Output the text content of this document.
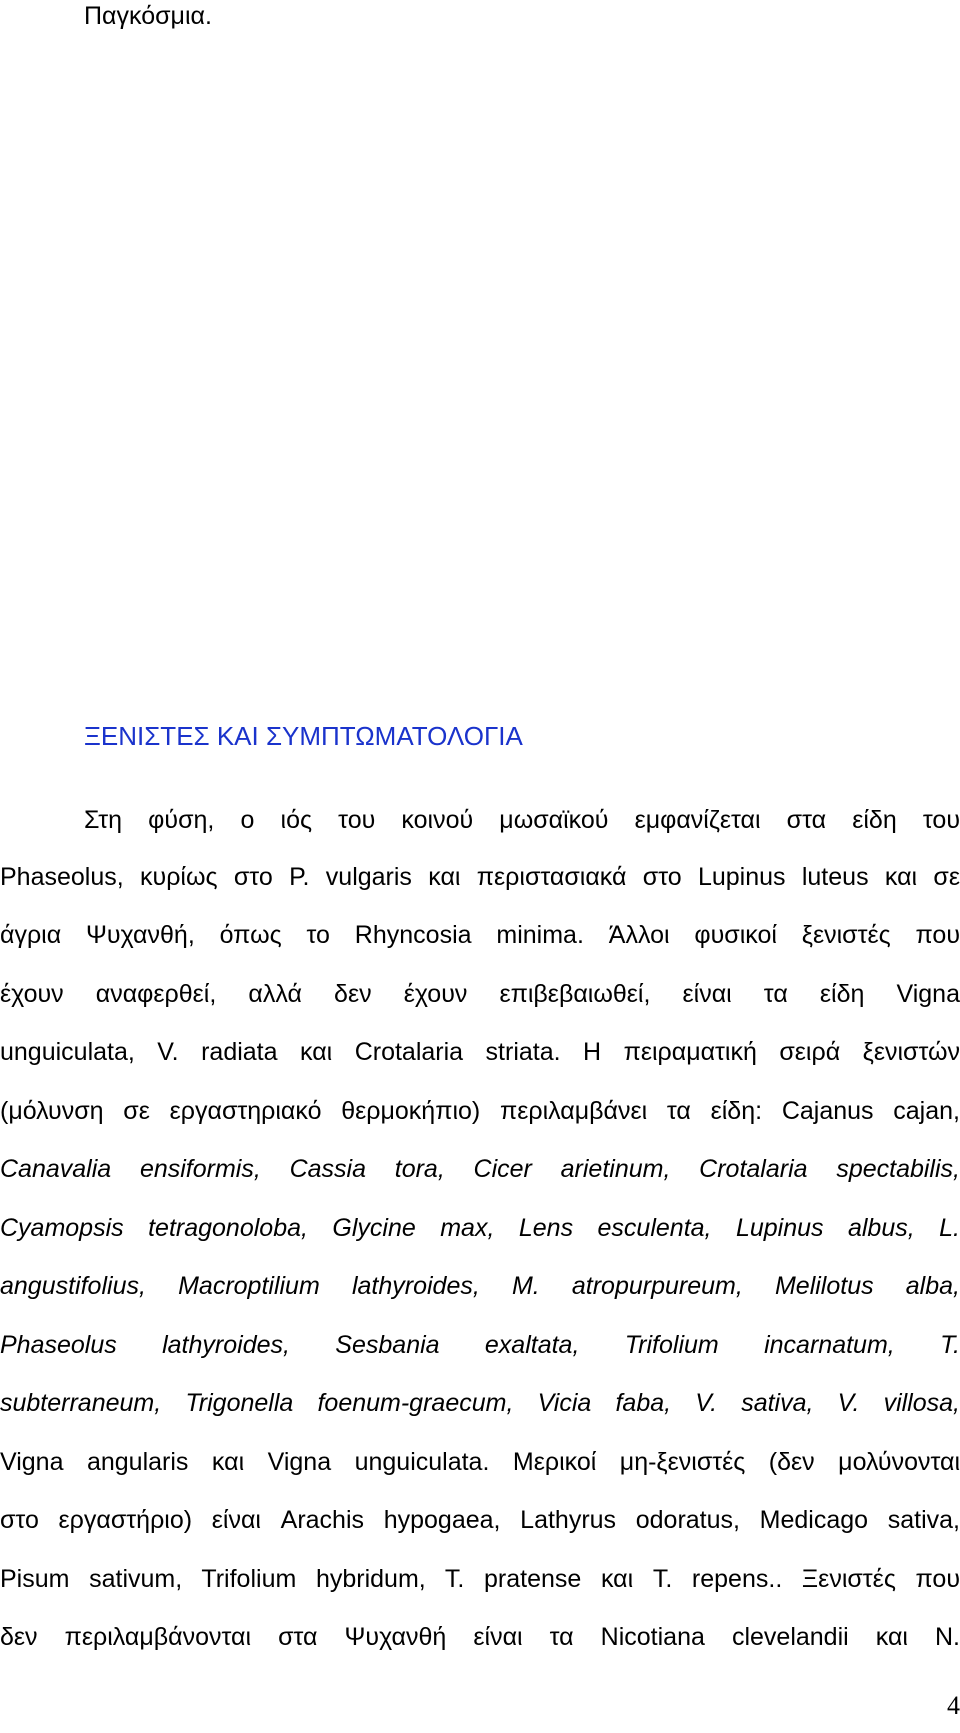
Παγκόσμια.
ΞΕΝΙΣΤΕΣ ΚΑΙ ΣΥΜΠΤΩΜΑΤΟΛΟΓΙΑ
Στη φύση, ο ιός του κοινού μωσαϊκού εμφανίζεται στα είδη του
Phaseolus, κυρίως στο P. vulgaris και περιστασιακά στο Lupinus luteus και σε
άγρια Ψυχανθή, όπως το Rhyncosia minima. Άλλοι φυσικοί ξενιστές που
έχουν αναφερθεί, αλλά δεν έχουν επιβεβαιωθεί, είναι τα είδη Vigna
unguiculata, V. radiata και Crotalaria striata. Η πειραματική σειρά ξενιστών
(μόλυνση σε εργαστηριακό θερμοκήπιο) περιλαμβάνει τα είδη: Cajanus cajan,
Canavalia ensiformis, Cassia tora, Cicer arietinum, Crotalaria spectabilis,
Cyamopsis tetragonoloba, Glycine max, Lens esculenta, Lupinus albus, L.
angustifolius, Macroptilium lathyroides, M. atropurpureum, Melilotus alba,
Phaseolus lathyroides, Sesbania exaltata, Trifolium incarnatum, T.
subterraneum, Trigonella foenum-graecum, Vicia faba, V. sativa, V. villosa,
Vigna angularis και Vigna unguiculata. Μερικοί μη-ξενιστές (δεν μολύνονται
στο εργαστήριο) είναι Arachis hypogaea, Lathyrus odoratus, Medicago sativa,
Pisum sativum, Trifolium hybridum, T. pratense και T. repens.. Ξενιστές που
δεν περιλαμβάνονται στα Ψυχανθή είναι τα Nicotiana clevelandii και N.
4
